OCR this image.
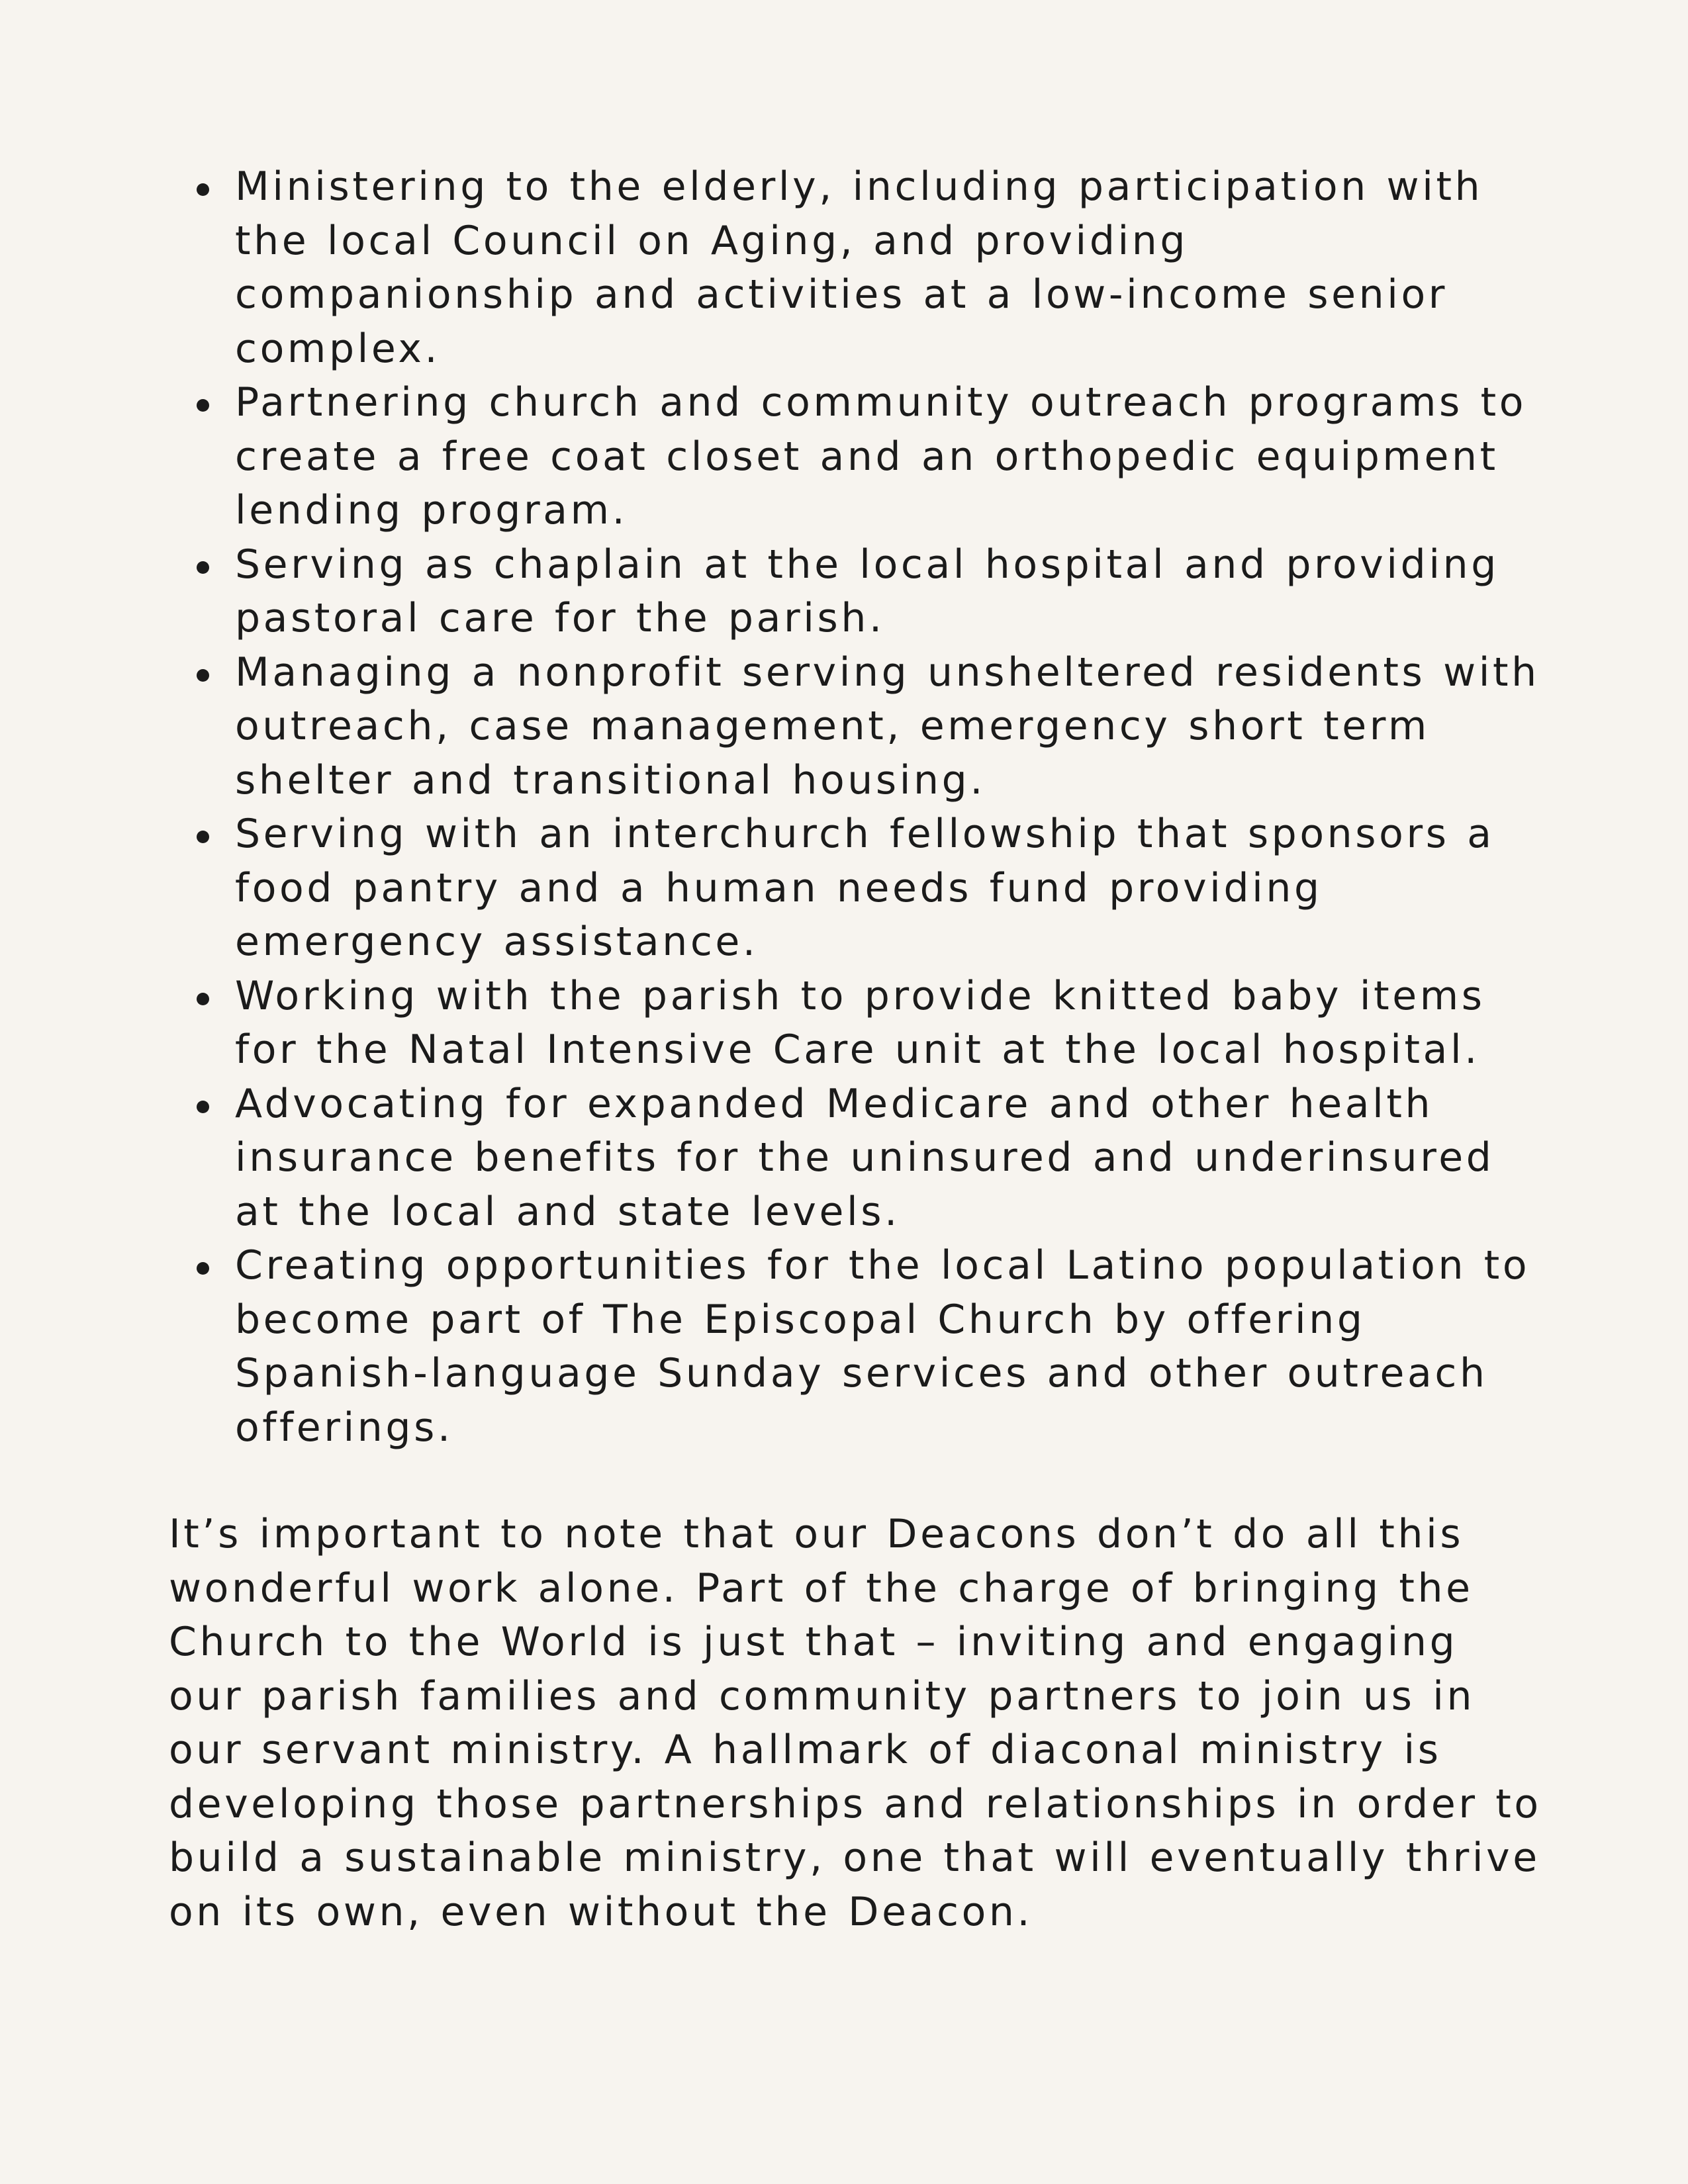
Ministering to the elderly, including participation with the local Council on Aging, and providing companionship and activities at a low-income senior complex.
Partnering church and community outreach programs to create a free coat closet and an orthopedic equipment lending program.
Serving as chaplain at the local hospital and providing pastoral care for the parish.
Managing a nonprofit serving unsheltered residents with outreach, case management, emergency short term shelter and transitional housing.
Serving with an interchurch fellowship that sponsors a food pantry and a human needs fund providing emergency assistance.
Working with the parish to provide knitted baby items for the Natal Intensive Care unit at the local hospital.
Advocating for expanded Medicare and other health insurance benefits for the uninsured and underinsured at the local and state levels.
Creating opportunities for the local Latino population to become part of The Episcopal Church by offering Spanish-language Sunday services and other outreach offerings.

It’s important to note that our Deacons don’t do all this wonderful work alone. Part of the charge of bringing the Church to the World is just that – inviting and engaging our parish families and community partners to join us in our servant ministry. A hallmark of diaconal ministry is developing those partnerships and relationships in order to build a sustainable ministry, one that will eventually thrive on its own, even without the Deacon.
